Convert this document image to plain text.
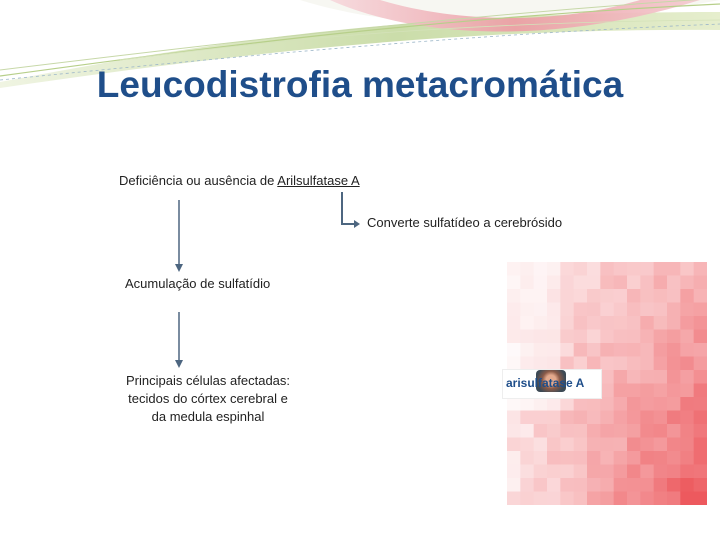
Leucodistrofia metacromática
Deficiência ou ausência de Arilsulfatase A
Converte sulfatídeo a cerebrósido
Acumulação de sulfatídio
Principais células afectadas:
tecidos do córtex cerebral e
da medula espinhal
arisulfatase A
